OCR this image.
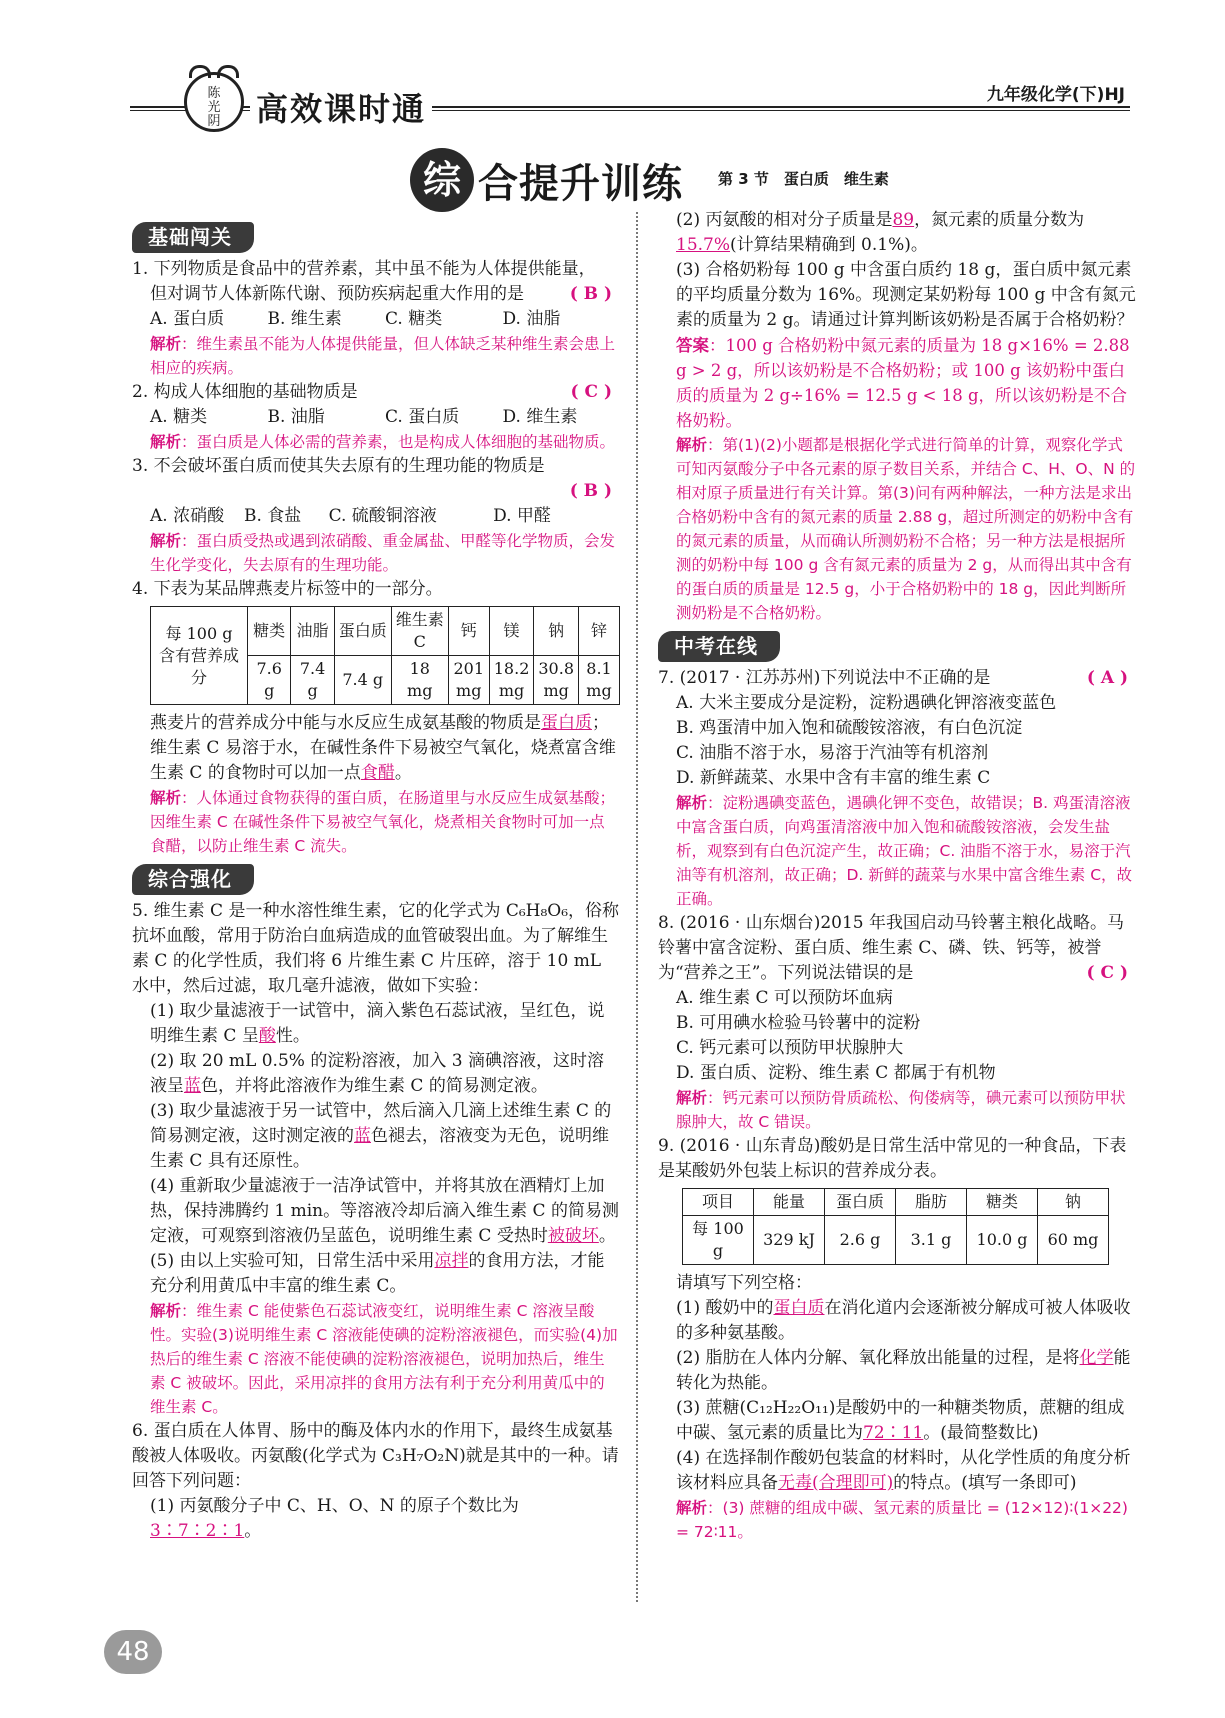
陈
光
阴	高效课时通	九年级化学(下)HJ
综 合提升训练 第 3 节　蛋白质　维生素
基础闯关

1. 下列物质是食品中的营养素，其中虽不能为人体提供能量，

但对调节人体新陈代谢、预防疾病起重大作用的是	( B )

A. 蛋白质	B. 维生素	C. 糖类	D. 油脂
解析：维生素虽不能为人体提供能量，但人体缺乏某种维生素会患上相应的疾病。

2. 构成人体细胞的基础物质是	( C )

A. 糖类	B. 油脂	C. 蛋白质	D. 维生素
解析：蛋白质是人体必需的营养素，也是构成人体细胞的基础物质。

3. 不会破坏蛋白质而使其失去原有的生理功能的物质是

( B )

A. 浓硝酸	B. 食盐	C. 硫酸铜溶液	D. 甲醛
解析：蛋白质受热或遇到浓硝酸、重金属盐、甲醛等化学物质，会发生化学变化，失去原有的生理功能。

4. 下表为某品牌燕麦片标签中的一部分。

每 100 g 含有营养成分	糖类	油脂	蛋白质	维生素 C	钙	镁	钠	锌
	7.6 g	7.4 g	7.4 g	18 mg	201 mg	18.2 mg	30.8 mg	8.1 mg

燕麦片的营养成分中能与水反应生成氨基酸的物质是蛋白质；维生素 C 易溶于水，在碱性条件下易被空气氧化，烧煮富含维生素 C 的食物时可以加一点食醋。

解析：人体通过食物获得的蛋白质，在肠道里与水反应生成氨基酸；因维生素 C 在碱性条件下易被空气氧化，烧煮相关食物时可加一点食醋，以防止维生素 C 流失。
综合强化

5. 维生素 C 是一种水溶性维生素，它的化学式为 C₆H₈O₆，俗称抗坏血酸，常用于防治白血病造成的血管破裂出血。为了解维生素 C 的化学性质，我们将 6 片维生素 C 片压碎，溶于 10 mL 水中，然后过滤，取几毫升滤液，做如下实验：

(1) 取少量滤液于一试管中，滴入紫色石蕊试液，呈红色，说明维生素 C 呈酸性。

(2) 取 20 mL 0.5% 的淀粉溶液，加入 3 滴碘溶液，这时溶液呈蓝色，并将此溶液作为维生素 C 的简易测定液。

(3) 取少量滤液于另一试管中，然后滴入几滴上述维生素 C 的简易测定液，这时测定液的蓝色褪去，溶液变为无色，说明维生素 C 具有还原性。

(4) 重新取少量滤液于一洁净试管中，并将其放在酒精灯上加热，保持沸腾约 1 min。等溶液冷却后滴入维生素 C 的简易测定液，可观察到溶液仍呈蓝色，说明维生素 C 受热时被破坏。

(5) 由以上实验可知，日常生活中采用凉拌的食用方法，才能充分利用黄瓜中丰富的维生素 C。

解析：维生素 C 能使紫色石蕊试液变红，说明维生素 C 溶液呈酸性。实验(3)说明维生素 C 溶液能使碘的淀粉溶液褪色，而实验(4)加热后的维生素 C 溶液不能使碘的淀粉溶液褪色，说明加热后，维生素 C 被破坏。因此，采用凉拌的食用方法有利于充分利用黄瓜中的维生素 C。

6. 蛋白质在人体胃、肠中的酶及体内水的作用下，最终生成氨基酸被人体吸收。丙氨酸(化学式为 C₃H₇O₂N)就是其中的一种。请回答下列问题：

(1) 丙氨酸分子中 C、H、O、N 的原子个数比为3∶7∶2∶1。

(2) 丙氨酸的相对分子质量是89，氮元素的质量分数为15.7%(计算结果精确到 0.1%)。

(3) 合格奶粉每 100 g 中含蛋白质约 18 g，蛋白质中氮元素的平均质量分数为 16%。现测定某奶粉每 100 g 中含有氮元素的质量为 2 g。请通过计算判断该奶粉是否属于合格奶粉？

答案：100 g 合格奶粉中氮元素的质量为 18 g×16% = 2.88 g > 2 g，所以该奶粉是不合格奶粉；或 100 g 该奶粉中蛋白质的质量为 2 g÷16% = 12.5 g < 18 g，所以该奶粉是不合格奶粉。
解析：第(1)(2)小题都是根据化学式进行简单的计算，观察化学式可知丙氨酸分子中各元素的原子数目关系，并结合 C、H、O、N 的相对原子质量进行有关计算。第(3)问有两种解法，一种方法是求出合格奶粉中含有的氮元素的质量 2.88 g，超过所测定的奶粉中含有的氮元素的质量，从而确认所测奶粉不合格；另一种方法是根据所测的奶粉中每 100 g 含有氮元素的质量为 2 g，从而得出其中含有的蛋白质的质量是 12.5 g，小于合格奶粉中的 18 g，因此判断所测奶粉是不合格奶粉。
中考在线

7. (2017 · 江苏苏州)下列说法中不正确的是	( A )

A. 大米主要成分是淀粉，淀粉遇碘化钾溶液变蓝色

B. 鸡蛋清中加入饱和硫酸铵溶液，有白色沉淀

C. 油脂不溶于水，易溶于汽油等有机溶剂

D. 新鲜蔬菜、水果中含有丰富的维生素 C

解析：淀粉遇碘变蓝色，遇碘化钾不变色，故错误；B. 鸡蛋清溶液中富含蛋白质，向鸡蛋清溶液中加入饱和硫酸铵溶液，会发生盐析，观察到有白色沉淀产生，故正确；C. 油脂不溶于水，易溶于汽油等有机溶剂，故正确；D. 新鲜的蔬菜与水果中富含维生素 C，故正确。

8. (2016 · 山东烟台)2015 年我国启动马铃薯主粮化战略。马铃薯中富含淀粉、蛋白质、维生素 C、磷、铁、钙等，被誉为“营养之王”。下列说法错误的是	( C )

A. 维生素 C 可以预防坏血病

B. 可用碘水检验马铃薯中的淀粉

C. 钙元素可以预防甲状腺肿大

D. 蛋白质、淀粉、维生素 C 都属于有机物

解析：钙元素可以预防骨质疏松、佝偻病等，碘元素可以预防甲状腺肿大，故 C 错误。

9. (2016 · 山东青岛)酸奶是日常生活中常见的一种食品，下表是某酸奶外包装上标识的营养成分表。

项目	能量	蛋白质	脂肪	糖类	钠
每 100 g	329 kJ	2.6 g	3.1 g	10.0 g	60 mg

请填写下列空格：

(1) 酸奶中的蛋白质在消化道内会逐渐被分解成可被人体吸收的多种氨基酸。

(2) 脂肪在人体内分解、氧化释放出能量的过程，是将化学能转化为热能。

(3) 蔗糖(C₁₂H₂₂O₁₁)是酸奶中的一种糖类物质，蔗糖的组成中碳、氢元素的质量比为72∶11。(最简整数比)

(4) 在选择制作酸奶包装盒的材料时，从化学性质的角度分析该材料应具备无毒(合理即可)的特点。(填写一条即可)

解析：(3) 蔗糖的组成中碳、氢元素的质量比 = (12×12)∶(1×22) = 72∶11。
48
